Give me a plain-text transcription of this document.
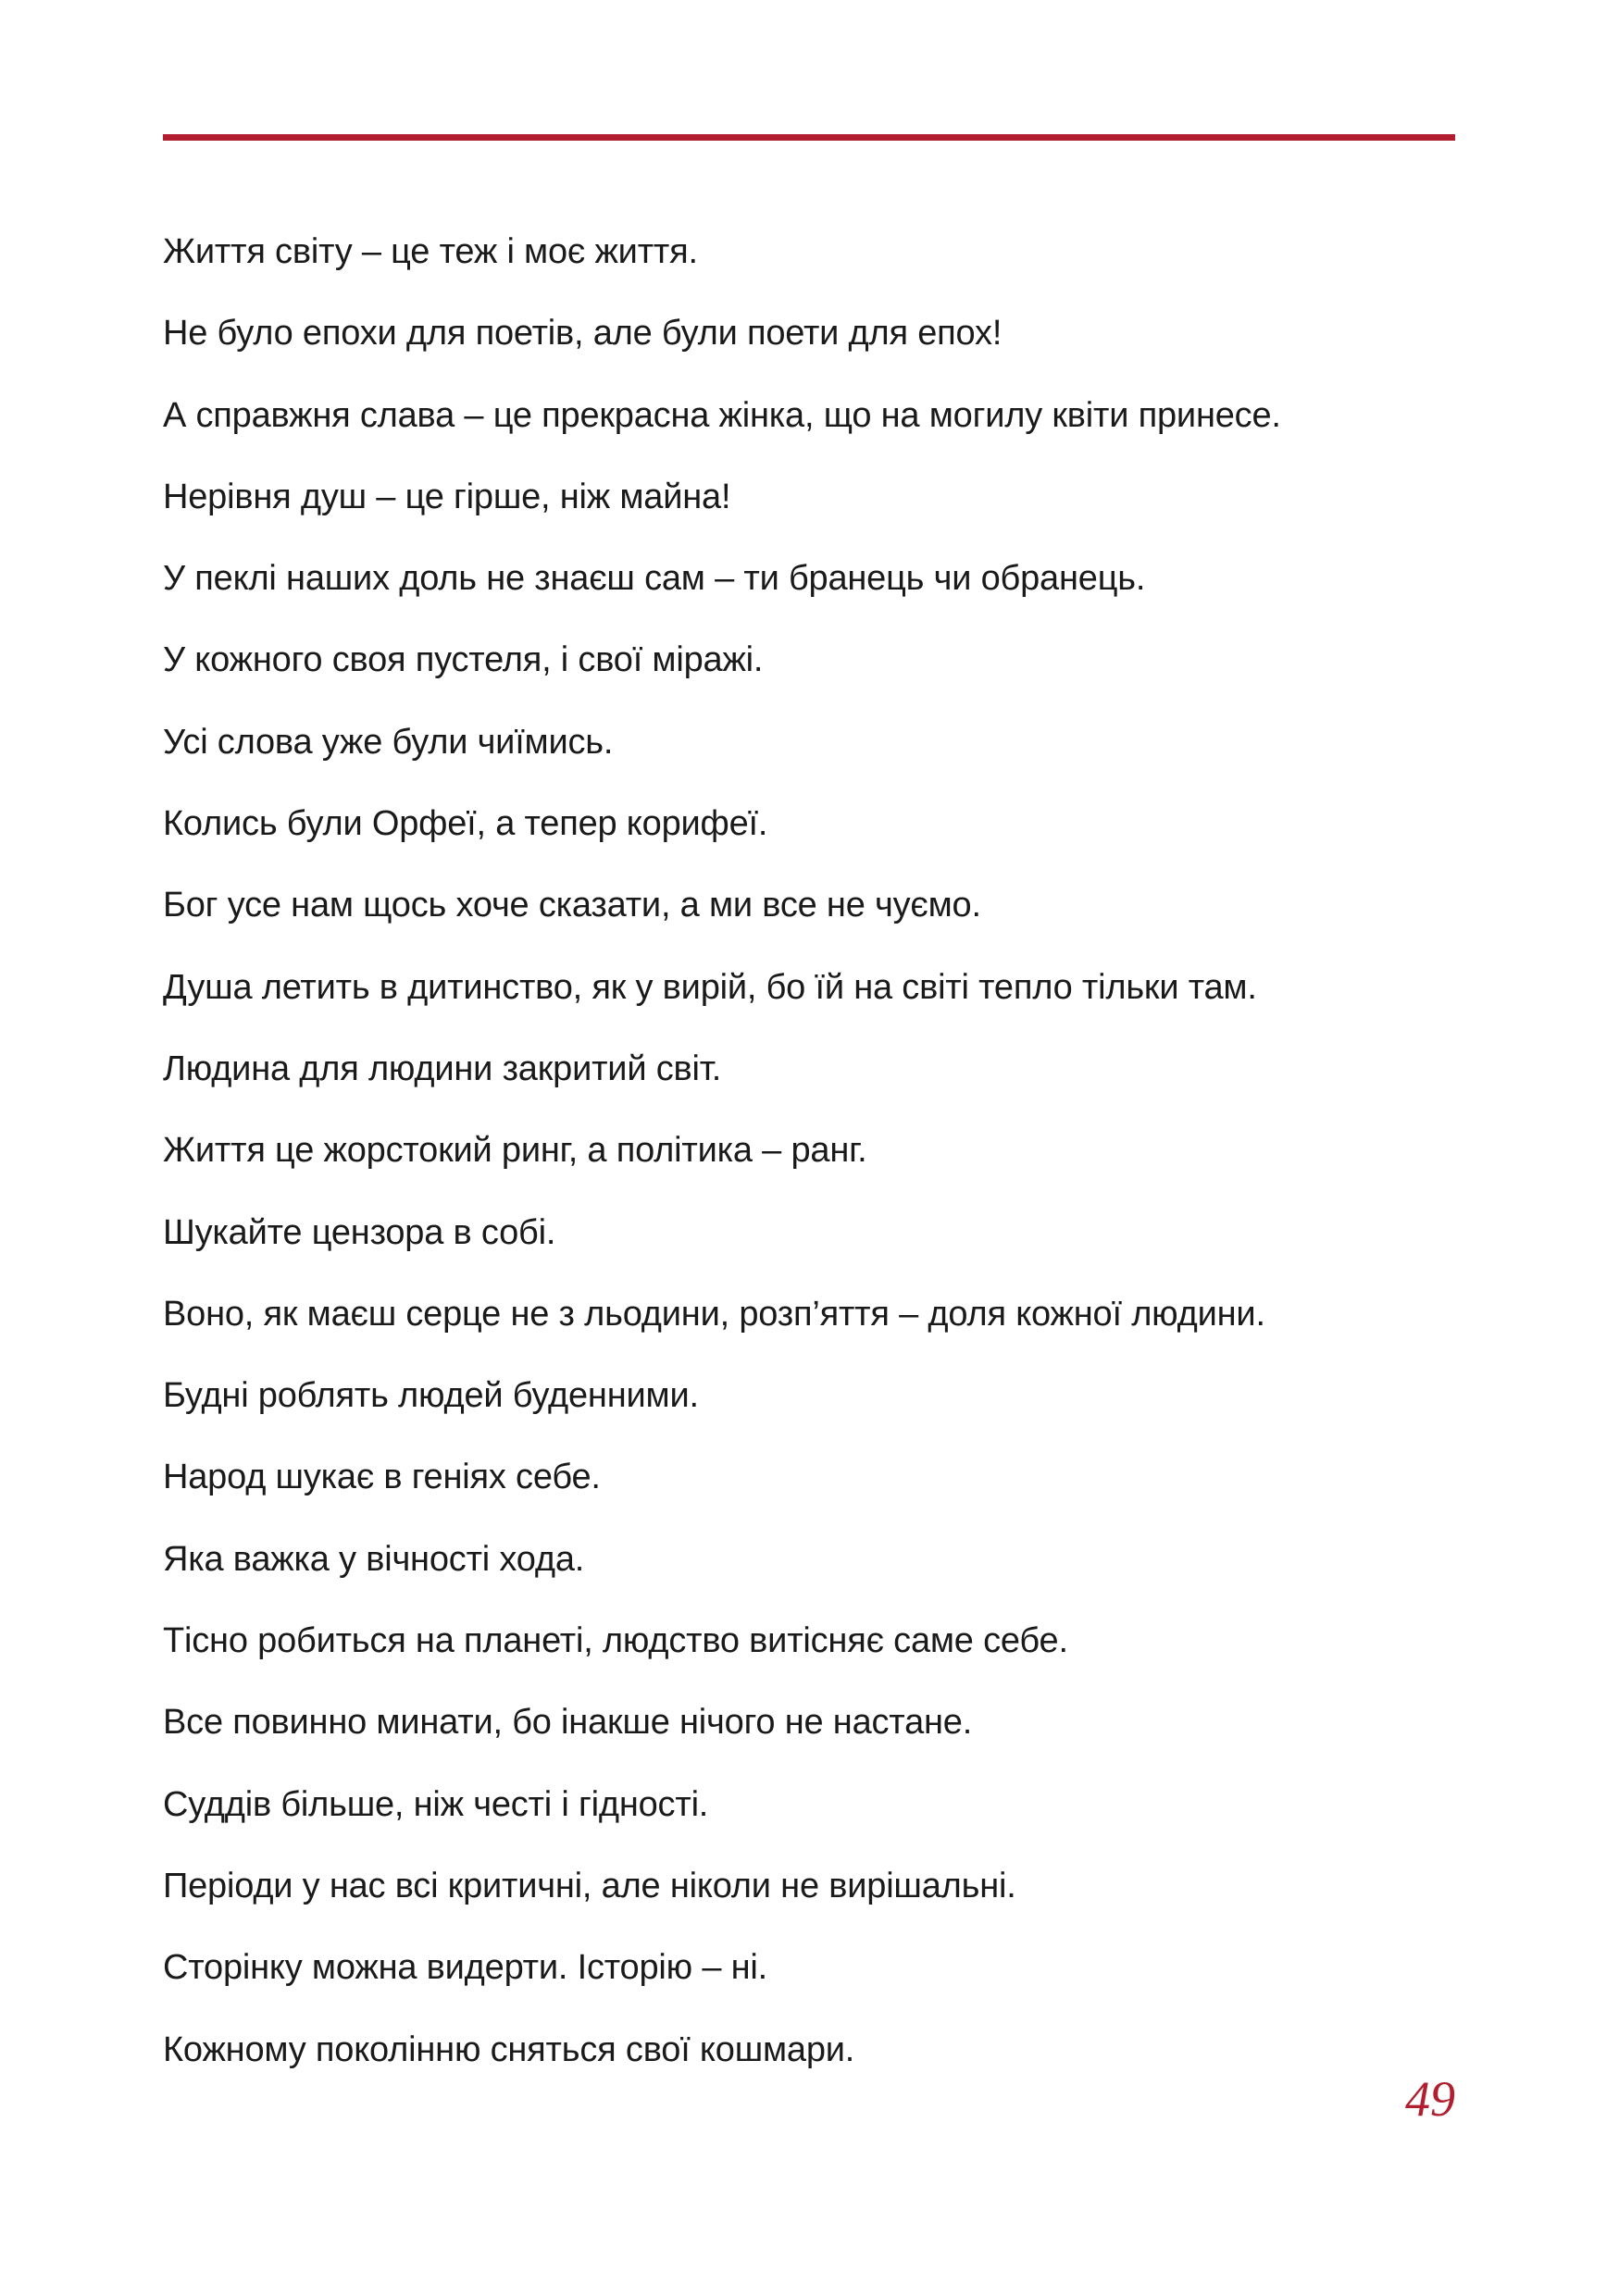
Життя світу – це теж і моє життя.
Не було епохи для поетів, але були поети для епох!
А справжня слава – це прекрасна жінка, що на могилу квіти принесе.
Нерівня душ – це гірше, ніж майна!
У пеклі наших доль не знаєш сам – ти бранець чи обранець.
У кожного своя пустеля, і свої міражі.
Усі слова уже були чиїмись.
Колись були Орфеї, а тепер корифеї.
Бог усе нам щось хоче сказати, а ми все не чуємо.
Душа летить в дитинство, як у вирій, бо їй на світі тепло тільки там.
Людина для людини закритий світ.
Життя це жорстокий ринг, а політика – ранг.
Шукайте цензора в собі.
Воно, як маєш серце не з льодини, розп’яття – доля кожної людини.
Будні роблять людей буденними.
Народ шукає в геніях себе.
Яка важка у вічності хода.
Тісно робиться на планеті, людство витісняє саме себе.
Все повинно минати, бо інакше нічого не настане.
Суддів більше, ніж честі і гідності.
Періоди у нас всі критичні, але ніколи не вирішальні.
Сторінку можна видерти. Історію – ні.
Кожному поколінню сняться свої кошмари.
49
